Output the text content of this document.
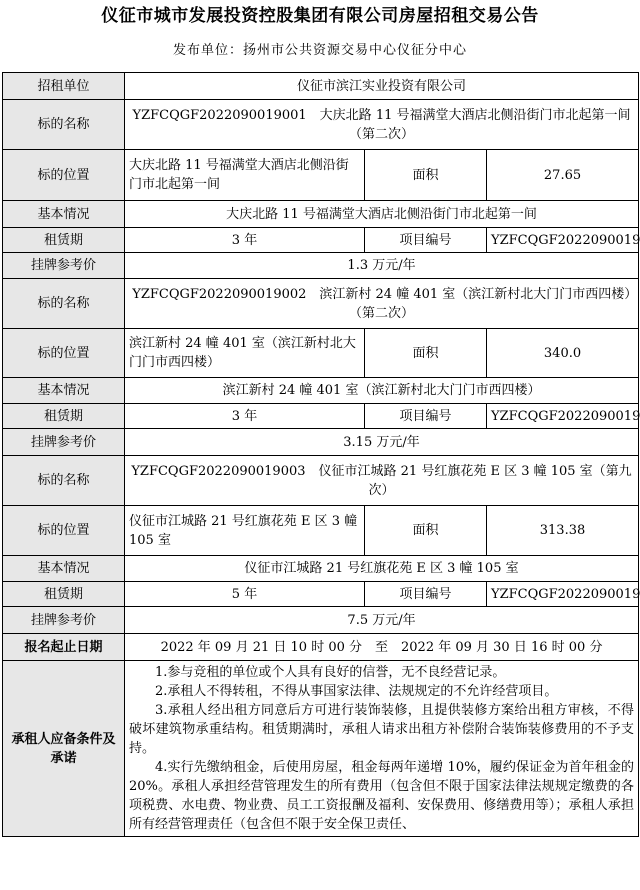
仪征市城市发展投资控股集团有限公司房屋招租交易公告
发布单位：扬州市公共资源交易中心仪征分中心
招租单位	仪征市滨江实业投资有限公司		
标的名称	YZFCQGF2022090019001　大庆北路 11 号福满堂大酒店北侧沿街门市北起第一间（第二次）		
标的位置	大庆北路 11 号福满堂大酒店北侧沿街门市北起第一间	面积	27.65
基本情况	大庆北路 11 号福满堂大酒店北侧沿街门市北起第一间		
租赁期	3 年	项目编号	YZFCQGF2022090019
挂牌参考价	1.3 万元/年		
标的名称	YZFCQGF2022090019002　滨江新村 24 幢 401 室（滨江新村北大门门市西四楼）（第二次）		
标的位置	滨江新村 24 幢 401 室（滨江新村北大门门市西四楼）	面积	340.0
基本情况	滨江新村 24 幢 401 室（滨江新村北大门门市西四楼）		
租赁期	3 年	项目编号	YZFCQGF2022090019
挂牌参考价	3.15 万元/年		
标的名称	YZFCQGF2022090019003　仪征市江城路 21 号红旗花苑 E 区 3 幢 105 室（第九次）		
标的位置	仪征市江城路 21 号红旗花苑 E 区 3 幢 105 室	面积	313.38
基本情况	仪征市江城路 21 号红旗花苑 E 区 3 幢 105 室		
租赁期	5 年	项目编号	YZFCQGF2022090019
挂牌参考价	7.5 万元/年		
报名起止日期	2022 年 09 月 21 日 10 时 00 分　至　2022 年 09 月 30 日 16 时 00 分		
承租人应备条件及承诺	1.参与竞租的单位或个人具有良好的信誉，无不良经营记录。

2.承租人不得转租，不得从事国家法律、法规规定的不允许经营项目。

3.承租人经出租方同意后方可进行装饰装修，且提供装修方案给出租方审核，不得破坏建筑物承重结构。租赁期满时，承租人请求出租方补偿附合装饰装修费用的不予支持。

4.实行先缴纳租金，后使用房屋，租金每两年递增 10%，履约保证金为首年租金的 20%。承租人承担经营管理发生的所有费用（包含但不限于国家法律法规规定缴费的各项税费、水电费、物业费、员工工资报酬及福利、安保费用、修缮费用等）；承租人承担所有经营管理责任（包含但不限于安全保卫责任、		
